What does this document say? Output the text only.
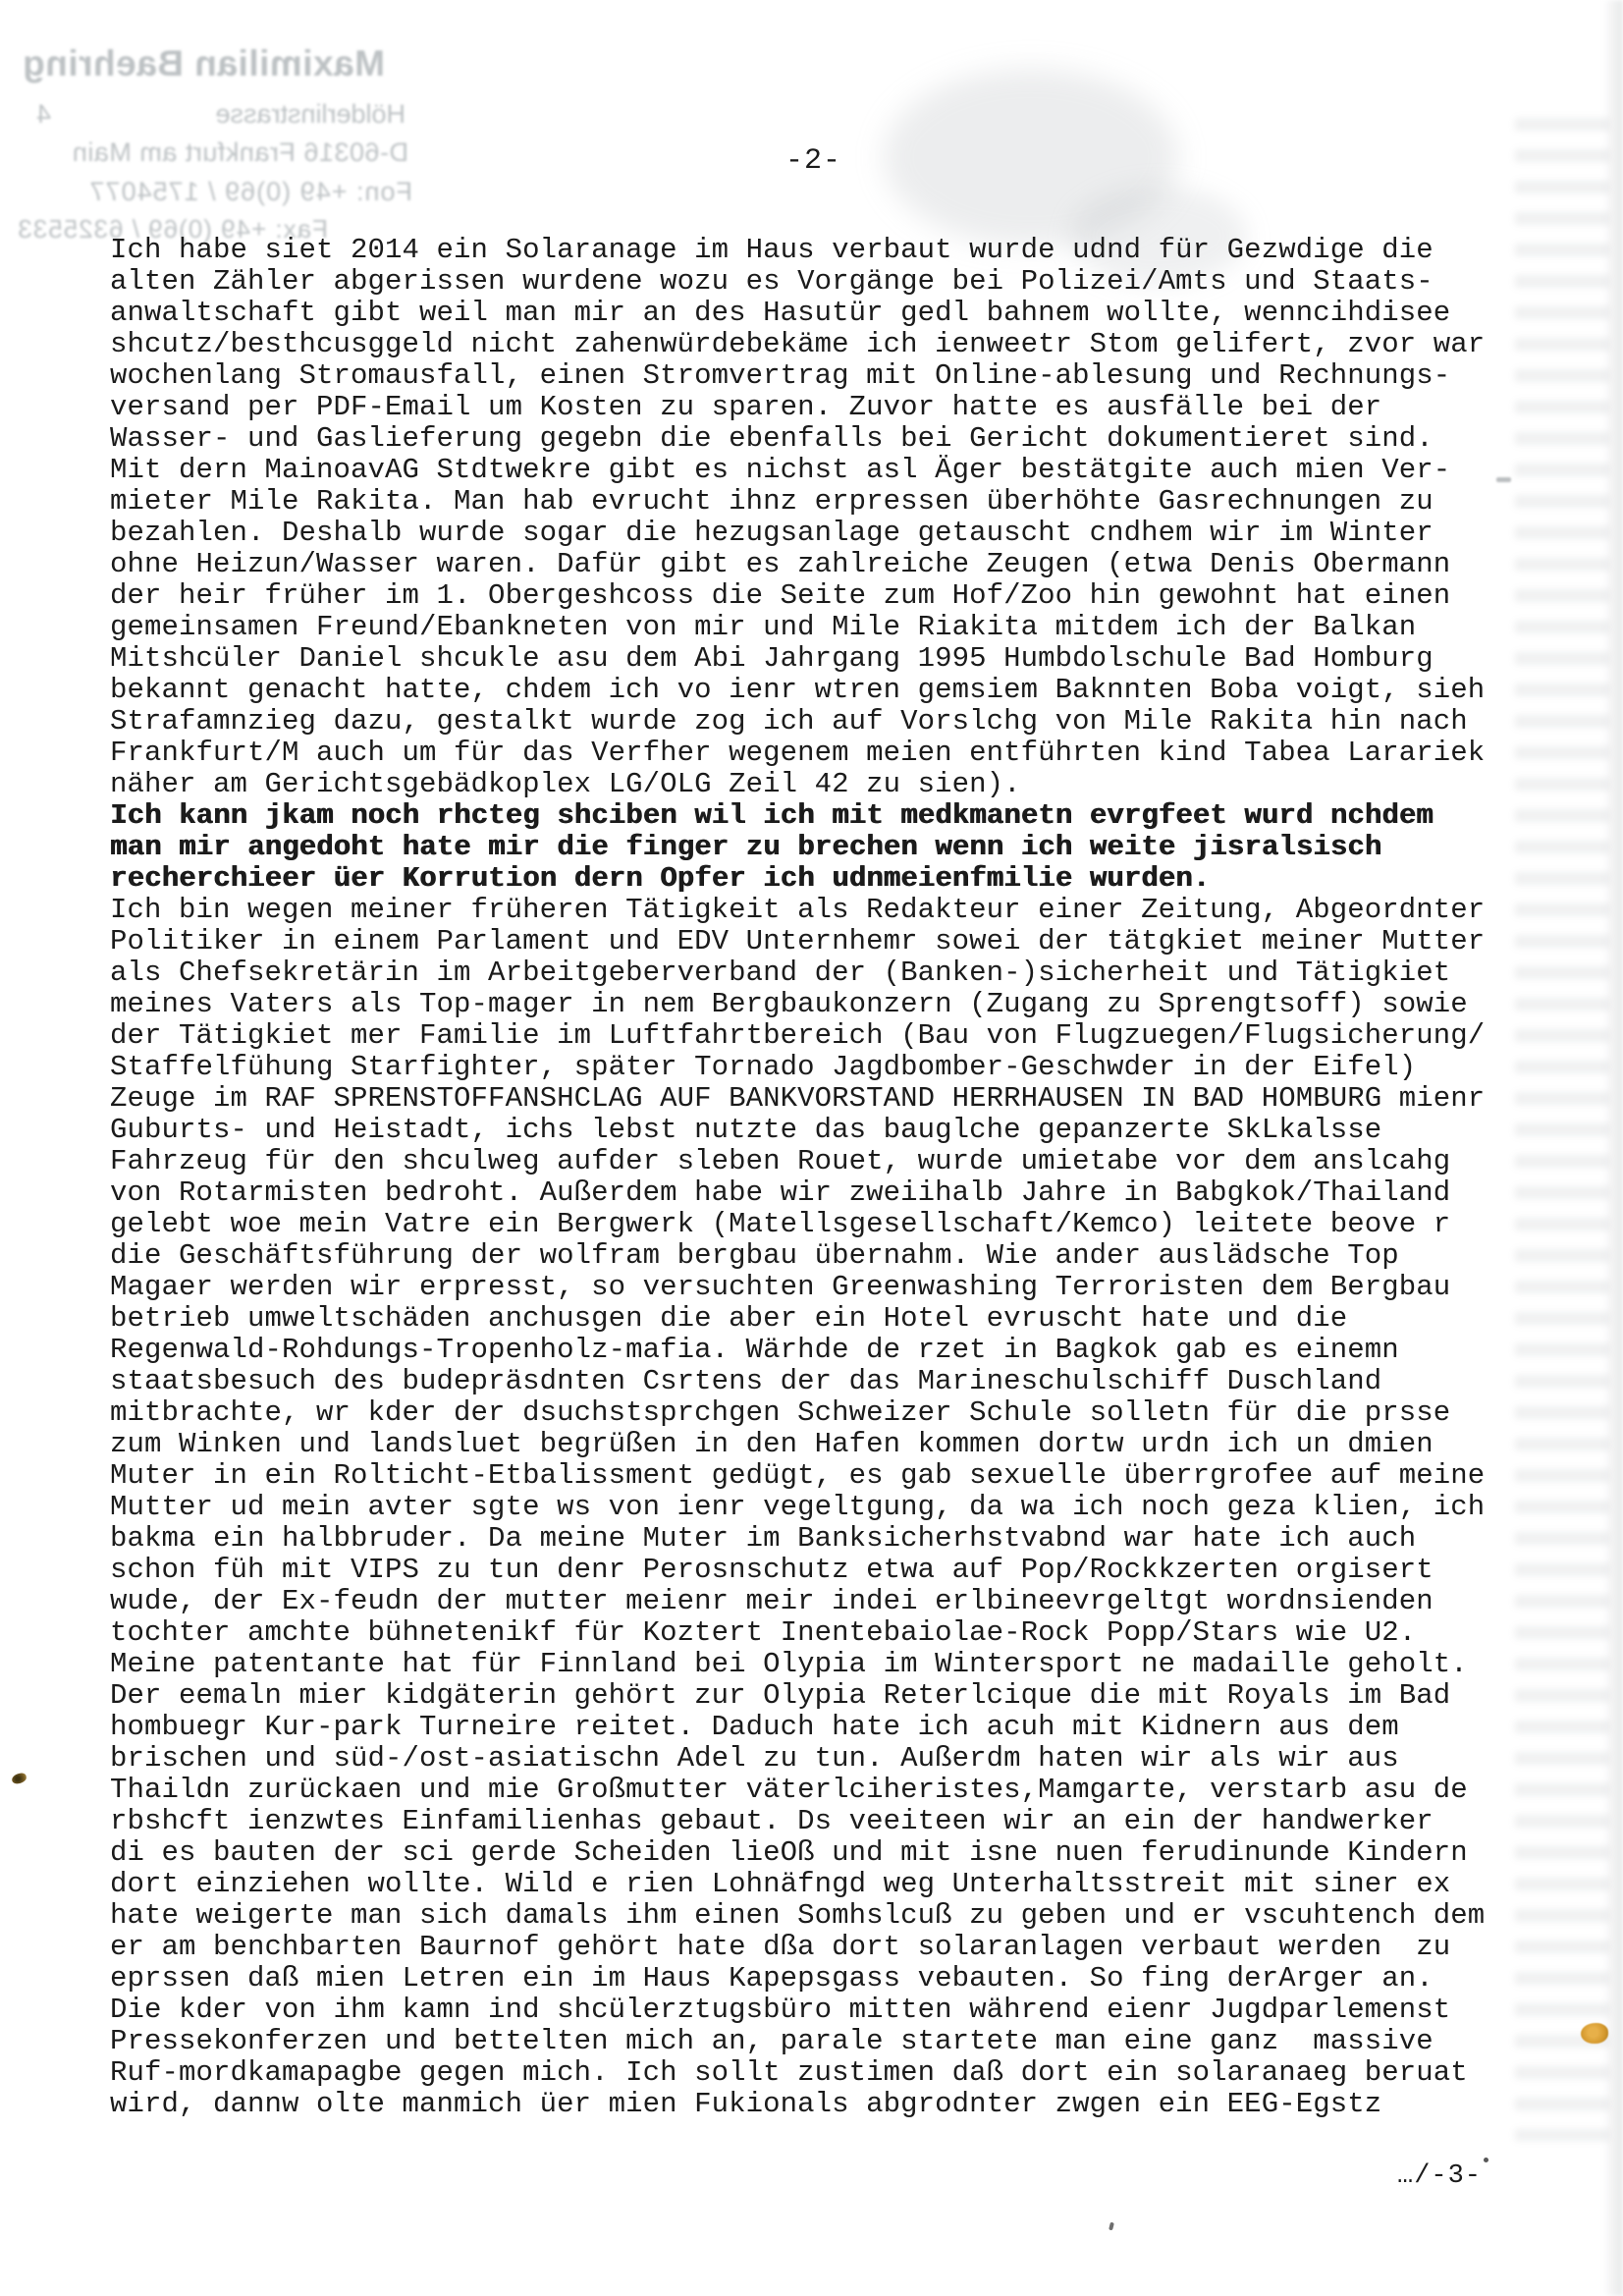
Maximilian Baehring
Hölderlinstrasse
4
D-60316 Frankfurt am Main
Fon: +49 (0)69 / 1754077
Fax: +49 (0)69 / 6325533
-2-
Ich habe siet 2014 ein Solaranage im Haus verbaut wurde udnd für Gezwdige die
alten Zähler abgerissen wurdene wozu es Vorgänge bei Polizei/Amts und Staats-
anwaltschaft gibt weil man mir an des Hasutür gedl bahnem wollte, wenncihdisee
shcutz/besthcusggeld nicht zahenwürdebekäme ich ienweetr Stom gelifert, zvor war
wochenlang Stromausfall, einen Stromvertrag mit Online-ablesung und Rechnungs-
versand per PDF-Email um Kosten zu sparen. Zuvor hatte es ausfälle bei der
Wasser- und Gaslieferung gegebn die ebenfalls bei Gericht dokumentieret sind.
Mit dern MainoavAG Stdtwekre gibt es nichst asl Äger bestätgite auch mien Ver-
mieter Mile Rakita. Man hab evrucht ihnz erpressen überhöhte Gasrechnungen zu
bezahlen. Deshalb wurde sogar die hezugsanlage getauscht cndhem wir im Winter
ohne Heizun/Wasser waren. Dafür gibt es zahlreiche Zeugen (etwa Denis Obermann
der heir früher im 1. Obergeshcoss die Seite zum Hof/Zoo hin gewohnt hat einen
gemeinsamen Freund/Ebankneten von mir und Mile Riakita mitdem ich der Balkan
Mitshcüler Daniel shcukle asu dem Abi Jahrgang 1995 Humbdolschule Bad Homburg
bekannt genacht hatte, chdem ich vo ienr wtren gemsiem Baknnten Boba voigt, sieh
Strafamnzieg dazu, gestalkt wurde zog ich auf Vorslchg von Mile Rakita hin nach
Frankfurt/M auch um für das Verfher wegenem meien entführten kind Tabea Larariek
näher am Gerichtsgebädkoplex LG/OLG Zeil 42 zu sien).
Ich kann jkam noch rhcteg shciben wil ich mit medkmanetn evrgfeet wurd nchdem
man mir angedoht hate mir die finger zu brechen wenn ich weite jisralsisch
recherchieer üer Korrution dern Opfer ich udnmeienfmilie wurden.
Ich bin wegen meiner früheren Tätigkeit als Redakteur einer Zeitung, Abgeordnter
Politiker in einem Parlament und EDV Unternhemr sowei der tätgkiet meiner Mutter
als Chefsekretärin im Arbeitgeberverband der (Banken-)sicherheit und Tätigkiet
meines Vaters als Top-mager in nem Bergbaukonzern (Zugang zu Sprengtsoff) sowie
der Tätigkiet mer Familie im Luftfahrtbereich (Bau von Flugzuegen/Flugsicherung/
Staffelfühung Starfighter, später Tornado Jagdbomber-Geschwder in der Eifel)
Zeuge im RAF SPRENSTOFFANSHCLAG AUF BANKVORSTAND HERRHAUSEN IN BAD HOMBURG mienr
Guburts- und Heistadt, ichs lebst nutzte das bauglche gepanzerte SkLkalsse
Fahrzeug für den shculweg aufder sleben Rouet, wurde umietabe vor dem anslcahg
von Rotarmisten bedroht. Außerdem habe wir zweiihalb Jahre in Babgkok/Thailand
gelebt woe mein Vatre ein Bergwerk (Matellsgesellschaft/Kemco) leitete beove r
die Geschäftsführung der wolfram bergbau übernahm. Wie ander auslädsche Top
Magaer werden wir erpresst, so versuchten Greenwashing Terroristen dem Bergbau
betrieb umweltschäden anchusgen die aber ein Hotel evruscht hate und die
Regenwald-Rohdungs-Tropenholz-mafia. Wärhde de rzet in Bagkok gab es einemn
staatsbesuch des budepräsdnten Csrtens der das Marineschulschiff Duschland
mitbrachte, wr kder der dsuchstsprchgen Schweizer Schule solletn für die prsse
zum Winken und landsluet begrüßen in den Hafen kommen dortw urdn ich un dmien
Muter in ein Rolticht-Etbalissment gedügt, es gab sexuelle überrgrofee auf meine
Mutter ud mein avter sgte ws von ienr vegeltgung, da wa ich noch geza klien, ich
bakma ein halbbruder. Da meine Muter im Banksicherhstvabnd war hate ich auch
schon füh mit VIPS zu tun denr Perosnschutz etwa auf Pop/Rockkzerten orgisert
wude, der Ex-feudn der mutter meienr meir indei erlbineevrgeltgt wordnsienden
tochter amchte bühnetenikf für Koztert Inentebaiolae-Rock Popp/Stars wie U2.
Meine patentante hat für Finnland bei Olypia im Wintersport ne madaille geholt.
Der eemaln mier kidgäterin gehört zur Olypia Reterlcique die mit Royals im Bad
hombuegr Kur-park Turneire reitet. Daduch hate ich acuh mit Kidnern aus dem
brischen und süd-/ost-asiatischn Adel zu tun. Außerdm haten wir als wir aus
Thaildn zurückaen und mie Großmutter väterlciheristes,Mamgarte, verstarb asu de
rbshcft ienzwtes Einfamilienhas gebaut. Ds veeiteen wir an ein der handwerker
di es bauten der sci gerde Scheiden lieOß und mit isne nuen ferudinunde Kindern
dort einziehen wollte. Wild e rien Lohnäfngd weg Unterhaltsstreit mit siner ex
hate weigerte man sich damals ihm einen Somhslcuß zu geben und er vscuhtench dem
er am benchbarten Baurnof gehört hate dßa dort solaranlagen verbaut werden  zu
eprssen daß mien Letren ein im Haus Kapepsgass vebauten. So fing derArger an.
Die kder von ihm kamn ind shcülerztugsbüro mitten während eienr Jugdparlemenst
Pressekonferzen und bettelten mich an, parale startete man eine ganz  massive
Ruf-mordkamapagbe gegen mich. Ich sollt zustimen daß dort ein solaranaeg beruat
wird, dannw olte manmich üer mien Fukionals abgrodnter zwgen ein EEG-Egstz
…/-3-
